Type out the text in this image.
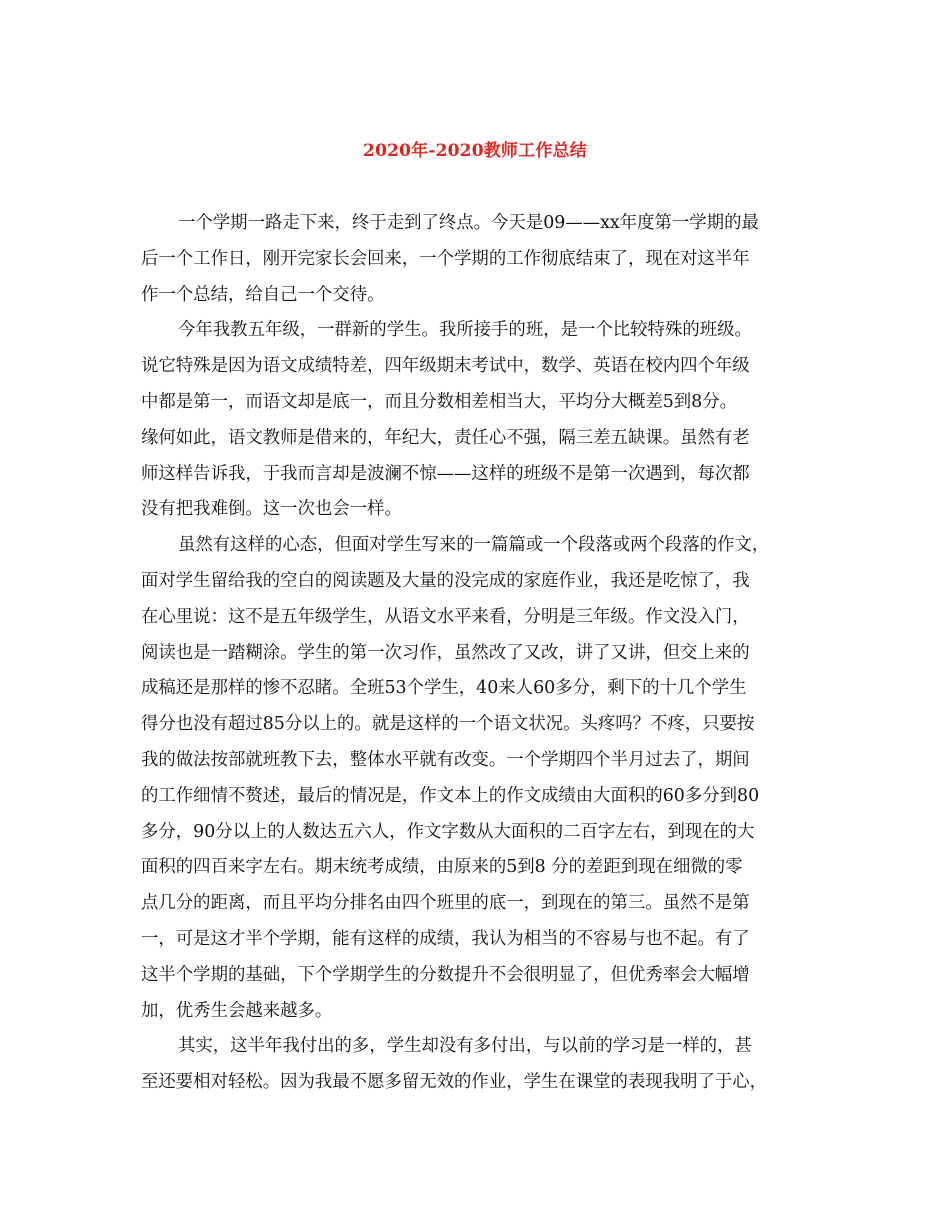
2020年-2020教师工作总结
一个学期一路走下来，终于走到了终点。今天是09——xx年度第一学期的最
后一个工作日，刚开完家长会回来，一个学期的工作彻底结束了，现在对这半年
作一个总结，给自己一个交待。
今年我教五年级，一群新的学生。我所接手的班，是一个比较特殊的班级。
说它特殊是因为语文成绩特差，四年级期末考试中，数学、英语在校内四个年级
中都是第一，而语文却是底一，而且分数相差相当大，平均分大概差5到8分。
缘何如此，语文教师是借来的，年纪大，责任心不强，隔三差五缺课。虽然有老
师这样告诉我，于我而言却是波澜不惊——这样的班级不是第一次遇到，每次都
没有把我难倒。这一次也会一样。
虽然有这样的心态，但面对学生写来的一篇篇或一个段落或两个段落的作文，
面对学生留给我的空白的阅读题及大量的没完成的家庭作业，我还是吃惊了，我
在心里说：这不是五年级学生，从语文水平来看，分明是三年级。作文没入门，
阅读也是一踏糊涂。学生的第一次习作，虽然改了又改，讲了又讲，但交上来的
成稿还是那样的惨不忍睹。全班53个学生，40来人60多分，剩下的十几个学生
得分也没有超过85分以上的。就是这样的一个语文状况。头疼吗？不疼，只要按
我的做法按部就班教下去，整体水平就有改变。一个学期四个半月过去了，期间
的工作细情不赘述，最后的情况是，作文本上的作文成绩由大面积的60多分到80
多分，90分以上的人数达五六人，作文字数从大面积的二百字左右，到现在的大
面积的四百来字左右。期末统考成绩，由原来的5到8 分的差距到现在细微的零
点几分的距离，而且平均分排名由四个班里的底一，到现在的第三。虽然不是第
一，可是这才半个学期，能有这样的成绩，我认为相当的不容易与也不起。有了
这半个学期的基础，下个学期学生的分数提升不会很明显了，但优秀率会大幅增
加，优秀生会越来越多。
其实，这半年我付出的多，学生却没有多付出，与以前的学习是一样的，甚
至还要相对轻松。因为我最不愿多留无效的作业，学生在课堂的表现我明了于心，
